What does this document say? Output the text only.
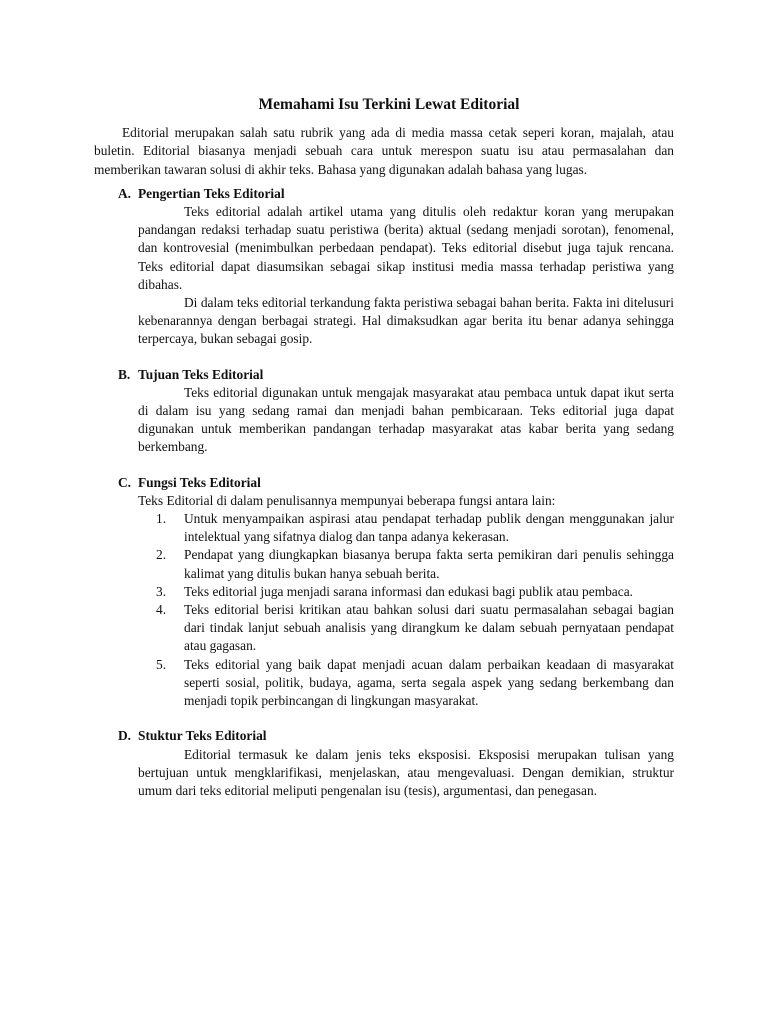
Memahami Isu Terkini Lewat Editorial

Editorial merupakan salah satu rubrik yang ada di media massa cetak seperi koran, majalah, atau buletin. Editorial biasanya menjadi sebuah cara untuk merespon suatu isu atau permasalahan dan memberikan tawaran solusi di akhir teks. Bahasa yang digunakan adalah bahasa yang lugas.

A. Pengertian Teks Editorial

Teks editorial adalah artikel utama yang ditulis oleh redaktur koran yang merupakan pandangan redaksi terhadap suatu peristiwa (berita) aktual (sedang menjadi sorotan), fenomenal, dan kontrovesial (menimbulkan perbedaan pendapat). Teks editorial disebut juga tajuk rencana. Teks editorial dapat diasumsikan sebagai sikap institusi media massa terhadap peristiwa yang dibahas.

Di dalam teks editorial terkandung fakta peristiwa sebagai bahan berita. Fakta ini ditelusuri kebenarannya dengan berbagai strategi. Hal dimaksudkan agar berita itu benar adanya sehingga terpercaya, bukan sebagai gosip.

B. Tujuan Teks Editorial

Teks editorial digunakan untuk mengajak masyarakat atau pembaca untuk dapat ikut serta di dalam isu yang sedang ramai dan menjadi bahan pembicaraan. Teks editorial juga dapat digunakan untuk memberikan pandangan terhadap masyarakat atas kabar berita yang sedang berkembang.

C. Fungsi Teks Editorial

Teks Editorial di dalam penulisannya mempunyai beberapa fungsi antara lain:

1. Untuk menyampaikan aspirasi atau pendapat terhadap publik dengan menggunakan jalur intelektual yang sifatnya dialog dan tanpa adanya kekerasan.
2. Pendapat yang diungkapkan biasanya berupa fakta serta pemikiran dari penulis sehingga kalimat yang ditulis bukan hanya sebuah berita.
3. Teks editorial juga menjadi sarana informasi dan edukasi bagi publik atau pembaca.
4. Teks editorial berisi kritikan atau bahkan solusi dari suatu permasalahan sebagai bagian dari tindak lanjut sebuah analisis yang dirangkum ke dalam sebuah pernyataan pendapat atau gagasan.
5. Teks editorial yang baik dapat menjadi acuan dalam perbaikan keadaan di masyarakat seperti sosial, politik, budaya, agama, serta segala aspek yang sedang berkembang dan menjadi topik perbincangan di lingkungan masyarakat.
D. Stuktur Teks Editorial

Editorial termasuk ke dalam jenis teks eksposisi. Eksposisi merupakan tulisan yang bertujuan untuk mengklarifikasi, menjelaskan, atau mengevaluasi. Dengan demikian, struktur umum dari teks editorial meliputi pengenalan isu (tesis), argumentasi, dan penegasan.
